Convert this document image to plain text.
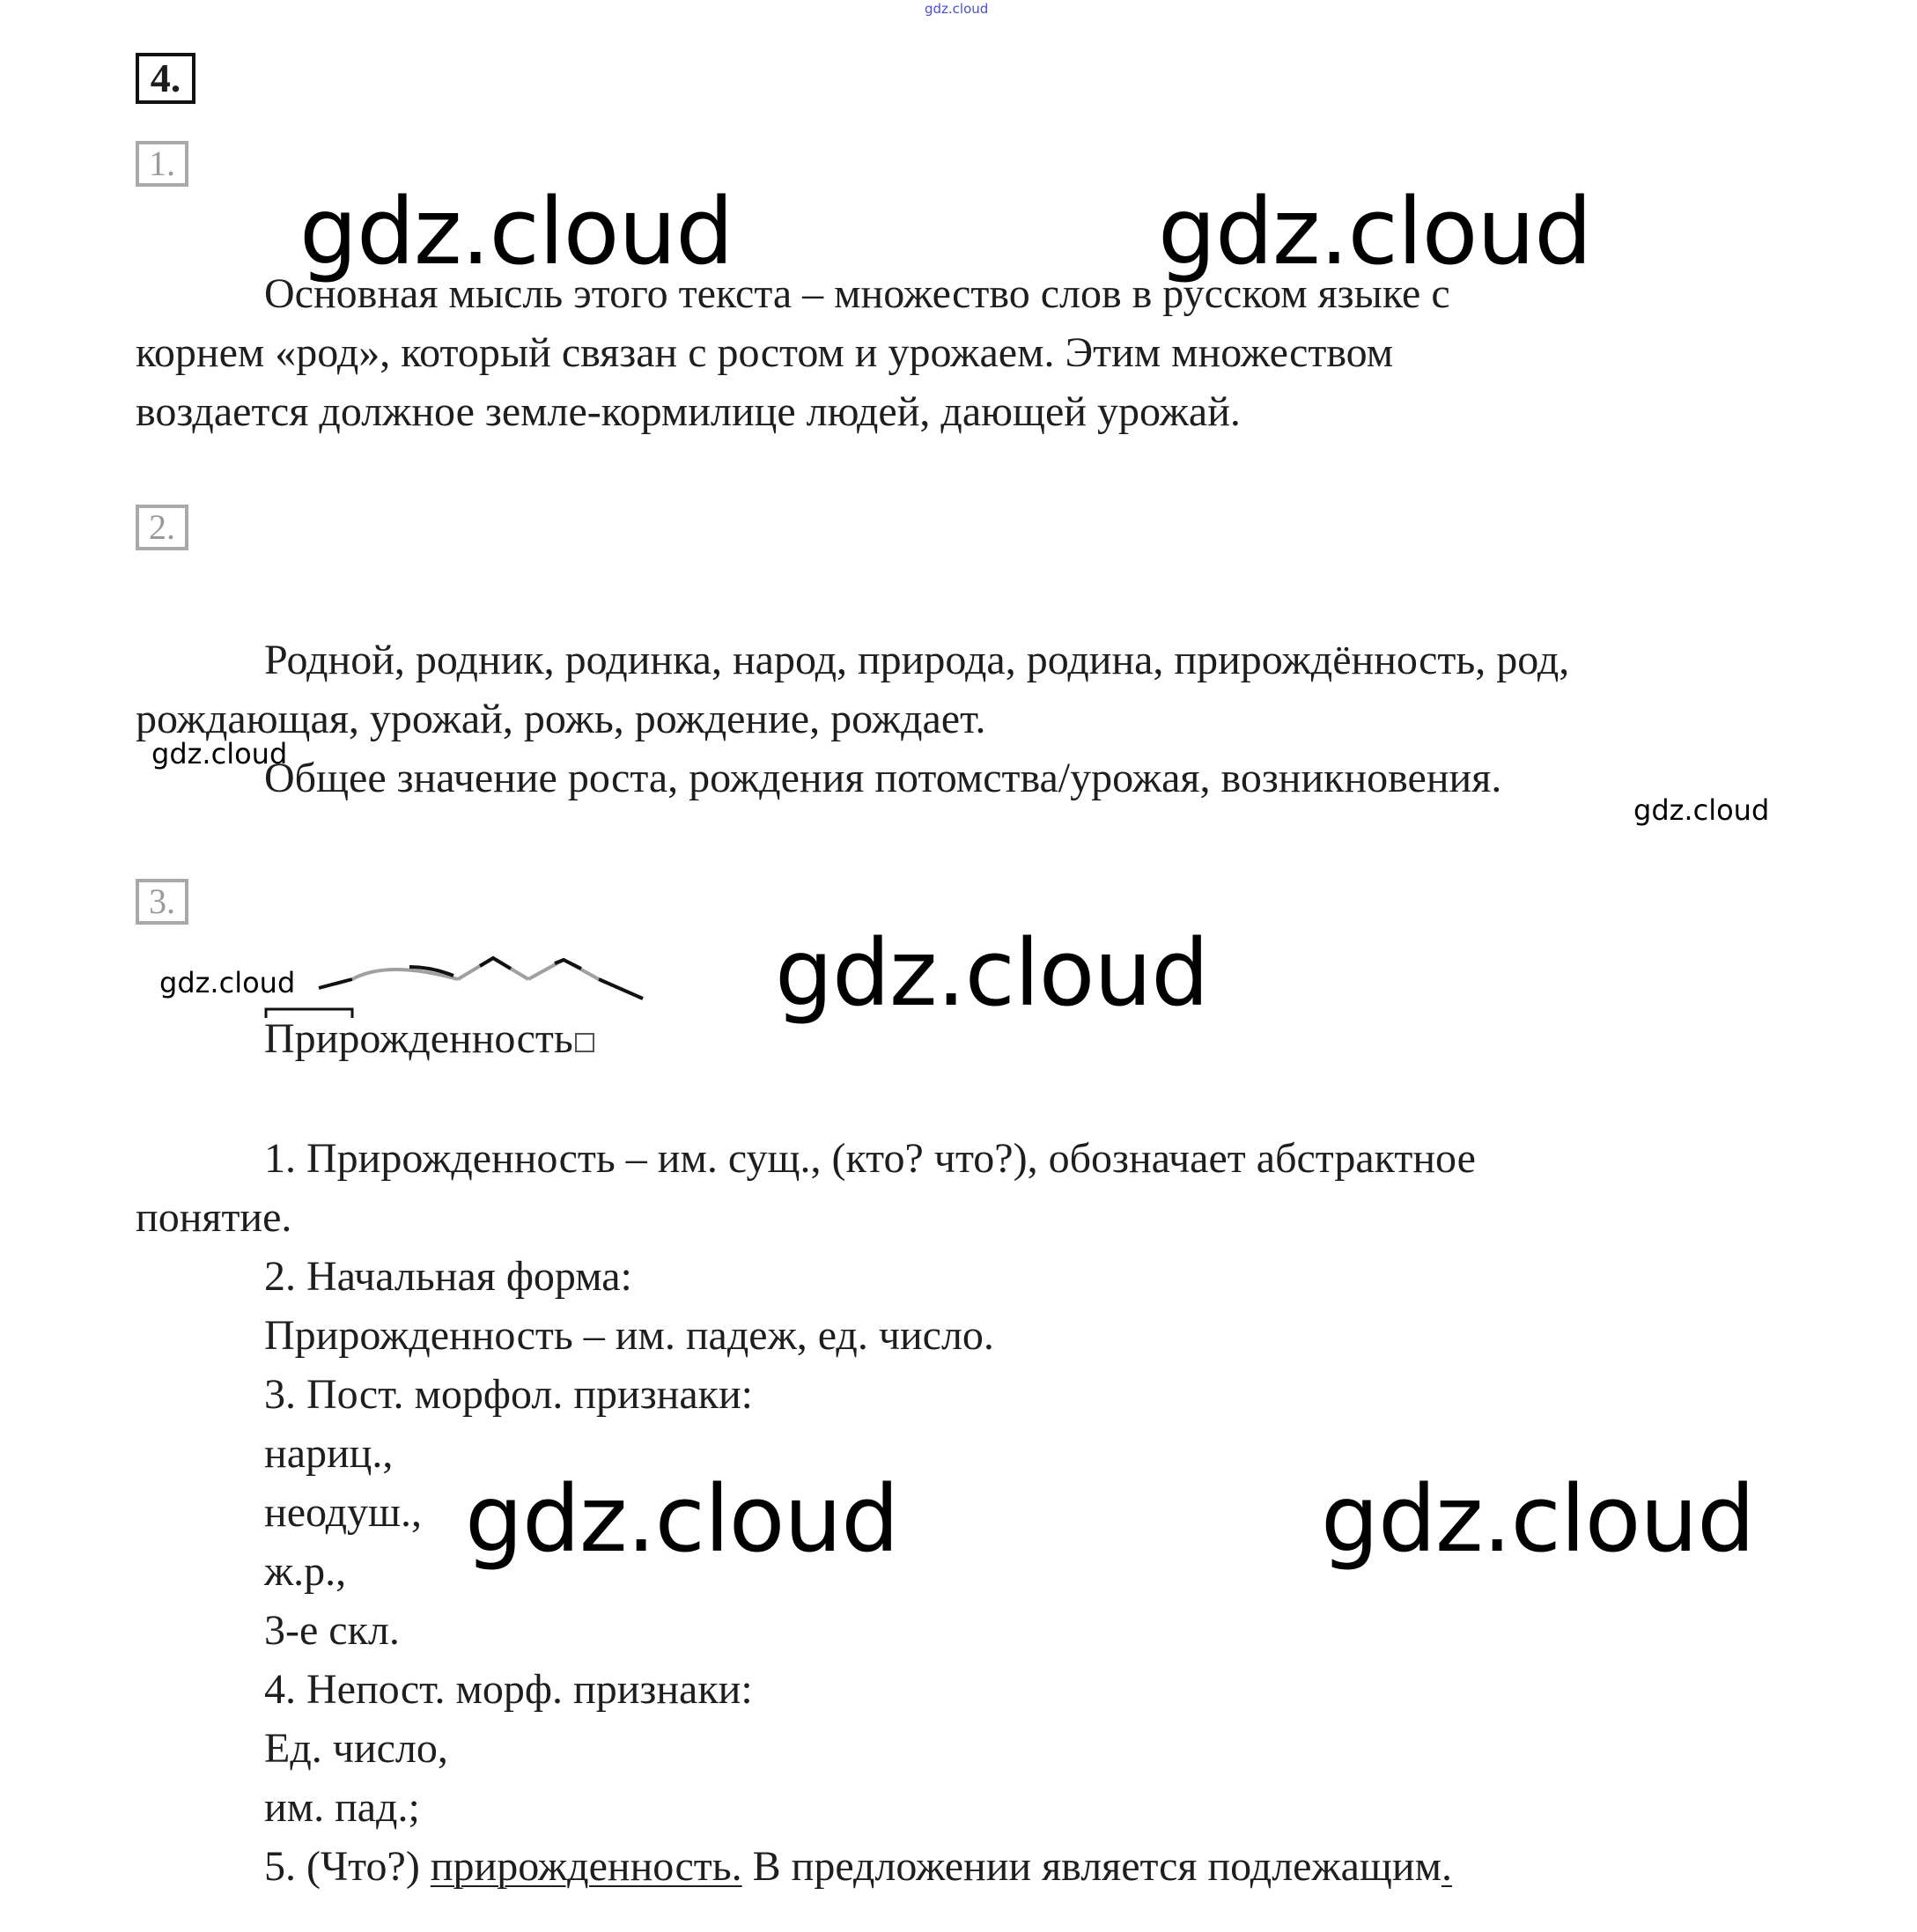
gdz.cloud
4.
1.
gdz.cloud	gdz.cloud
Основная мысль этого текста – множество слов в русском языке с
корнем «род», который связан с ростом и урожаем. Этим множеством
воздается должное земле-кормилице людей, дающей урожай.
2.
Родной, родник, родинка, народ, природа, родина, прирождённость, род,
рождающая, урожай, рожь, рождение, рождает.
gdz.cloud
Общее значение роста, рождения потомства/урожая, возникновения.
gdz.cloud
3.
gdz.cloud	gdz.cloud
Прирожденность
1. Прирожденность – им. сущ., (кто? что?), обозначает абстрактное
понятие.
2. Начальная форма:
Прирожденность – им. падеж, ед. число.
3. Пост. морфол. признаки:
нариц.,
неодуш., gdz.cloud	gdz.cloud
ж.р.,
3-е скл.
4. Непост. морф. признаки:
Ед. число,
им. пад.;
5. (Что?) прирожденность. В предложении является подлежащим.
